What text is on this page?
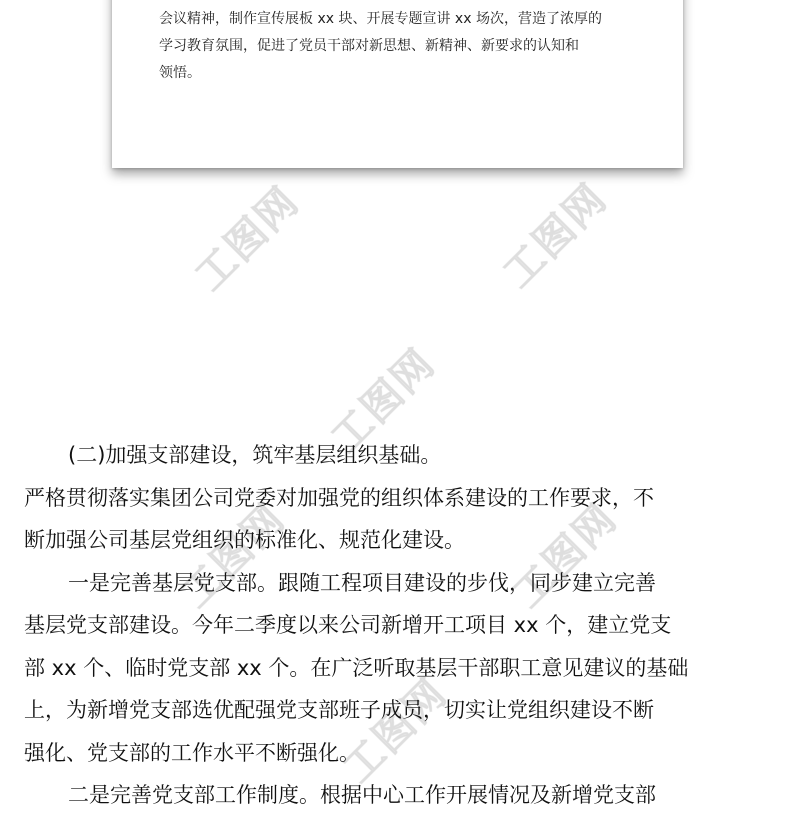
会议精神，制作宣传展板 xx 块、开展专题宣讲 xx 场次，营造了浓厚的
学习教育氛围，促进了党员干部对新思想、新精神、新要求的认知和
领悟。

工图网	工图网
工图网
工图网	工图网
工图网
(二)加强支部建设，筑牢基层组织基础。
严格贯彻落实集团公司党委对加强党的组织体系建设的工作要求，不
断加强公司基层党组织的标准化、规范化建设。
一是完善基层党支部。跟随工程项目建设的步伐，同步建立完善
基层党支部建设。今年二季度以来公司新增开工项目 xx 个，建立党支
部 xx 个、临时党支部 xx 个。在广泛听取基层干部职工意见建议的基础
上，为新增党支部选优配强党支部班子成员，切实让党组织建设不断
强化、党支部的工作水平不断强化。
二是完善党支部工作制度。根据中心工作开展情况及新增党支部
